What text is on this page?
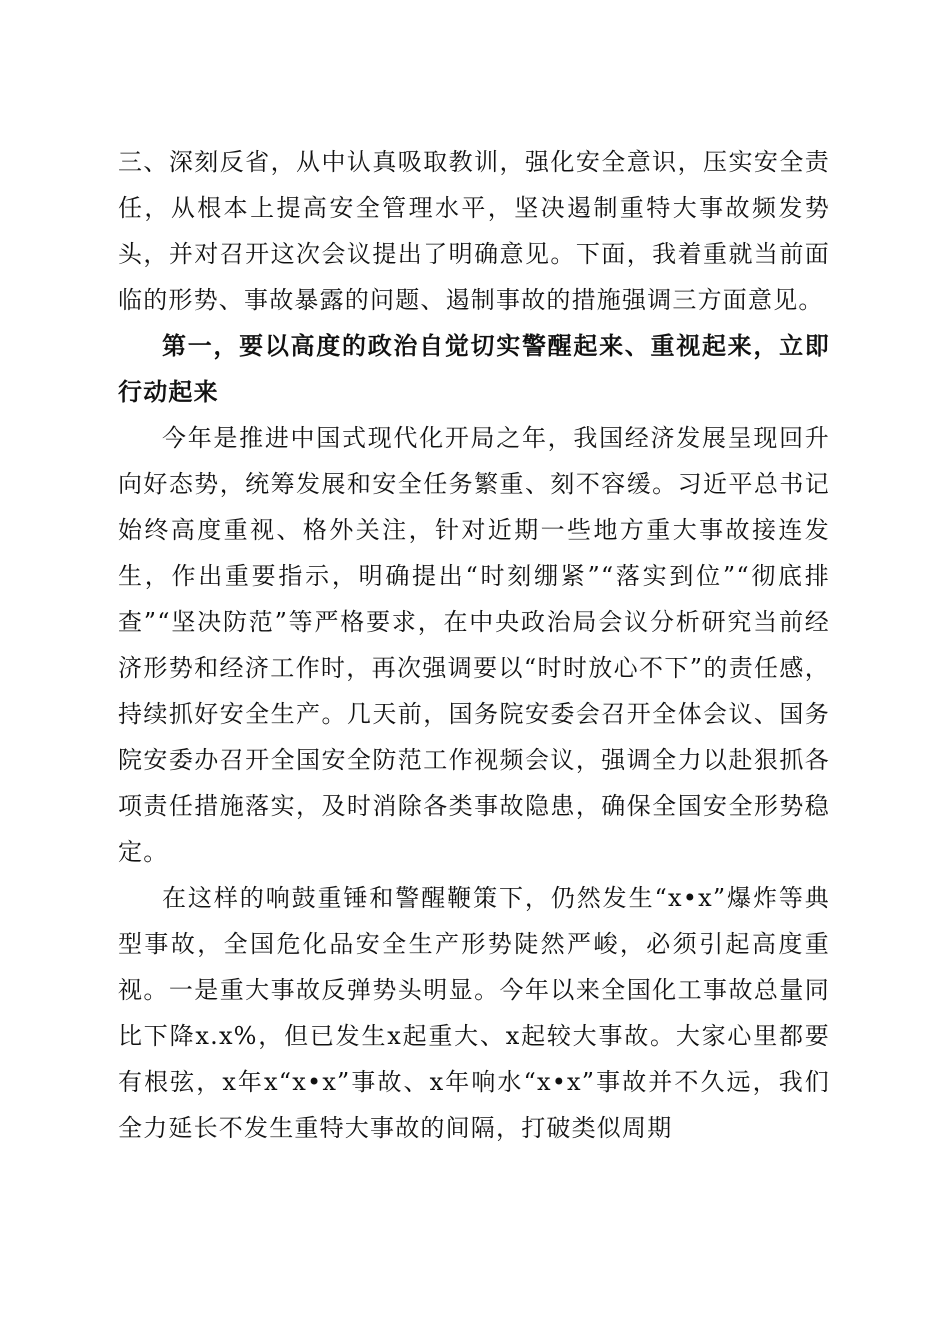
三、深刻反省，从中认真吸取教训，强化安全意识，压实安全责任，从根本上提高安全管理水平，坚决遏制重特大事故频发势头，并对召开这次会议提出了明确意见。下面，我着重就当前面临的形势、事故暴露的问题、遏制事故的措施强调三方面意见。

第一，要以高度的政治自觉切实警醒起来、重视起来，立即行动起来

今年是推进中国式现代化开局之年，我国经济发展呈现回升向好态势，统筹发展和安全任务繁重、刻不容缓。习近平总书记始终高度重视、格外关注，针对近期一些地方重大事故接连发生，作出重要指示，明确提出“时刻绷紧”“落实到位”“彻底排查”“坚决防范”等严格要求，在中央政治局会议分析研究当前经济形势和经济工作时，再次强调要以“时时放心不下”的责任感，持续抓好安全生产。几天前，国务院安委会召开全体会议、国务院安委办召开全国安全防范工作视频会议，强调全力以赴狠抓各项责任措施落实，及时消除各类事故隐患，确保全国安全形势稳定。

在这样的响鼓重锤和警醒鞭策下，仍然发生“x•x”爆炸等典型事故，全国危化品安全生产形势陡然严峻，必须引起高度重视。一是重大事故反弹势头明显。今年以来全国化工事故总量同比下降x.x%，但已发生x起重大、x起较大事故。大家心里都要有根弦，x年x“x•x”事故、x年响水“x•x”事故并不久远，我们全力延长不发生重特大事故的间隔，打破类似周期
